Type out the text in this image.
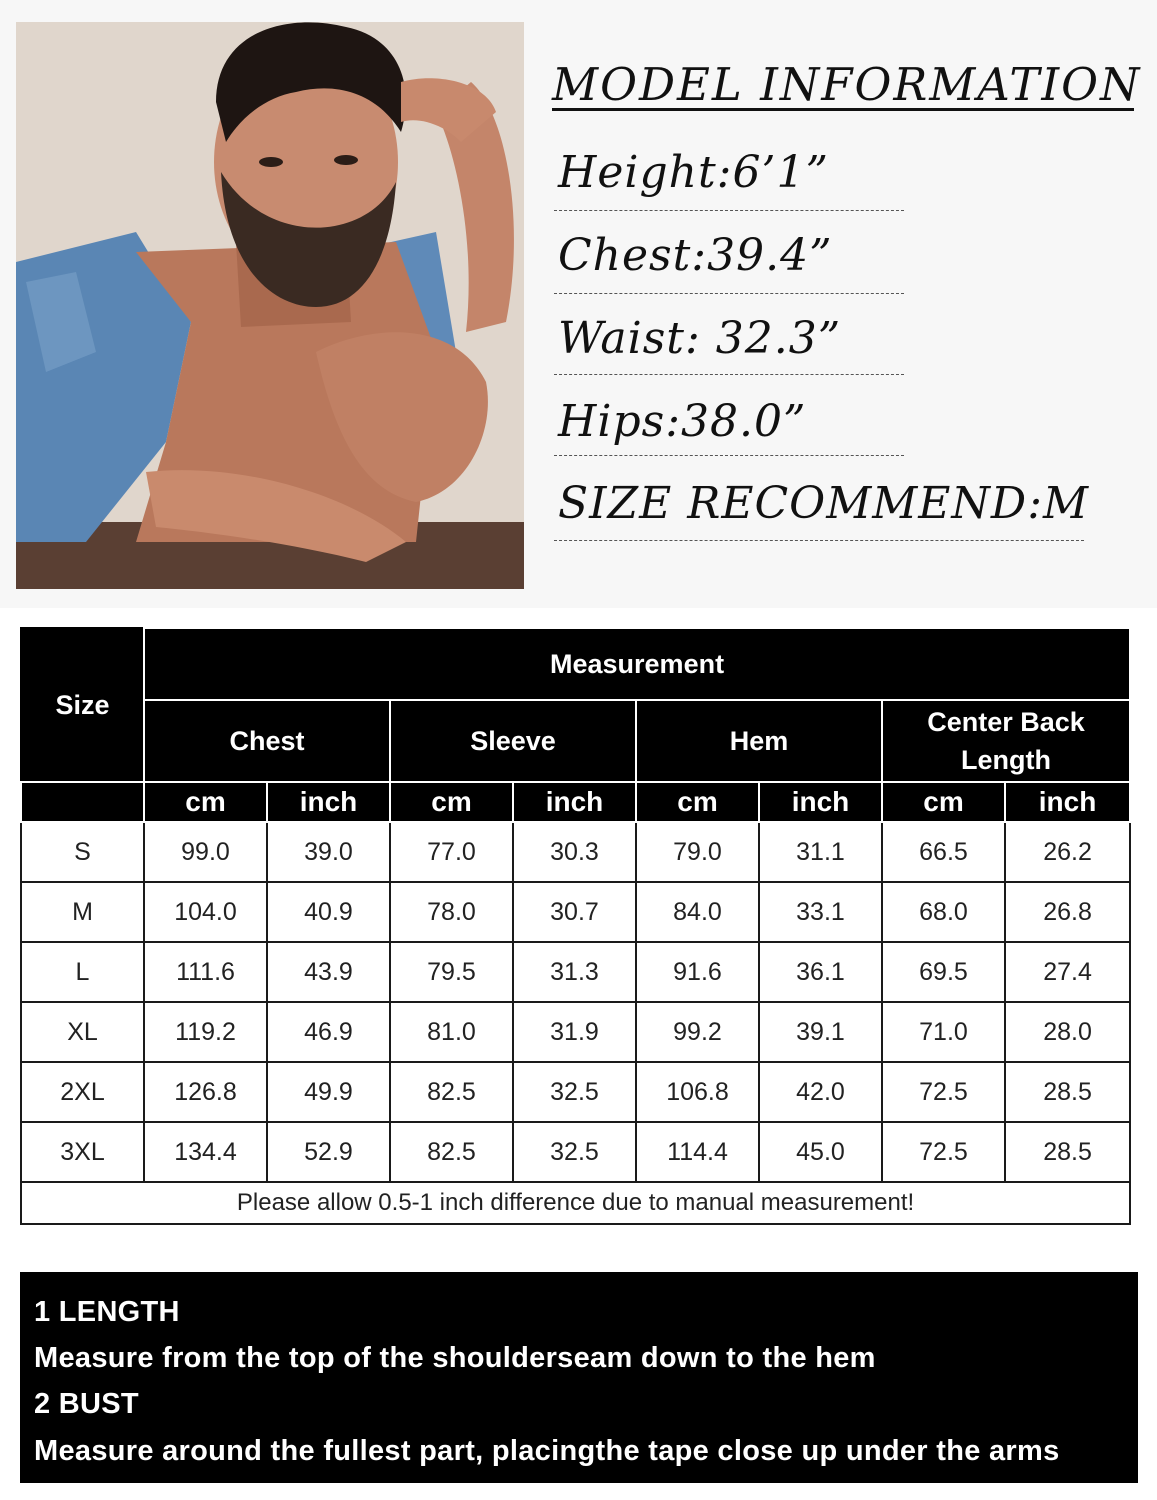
MODEL INFORMATION
Height:6’1”
Chest:39.4”
Waist: 32.3”
Hips:38.0”
SIZE RECOMMEND:M
Size	Measurement							
	Chest		Sleeve		Hem		Center Back
Length	
	cm	inch	cm	inch	cm	inch	cm	inch
S	99.0	39.0	77.0	30.3	79.0	31.1	66.5	26.2
M	104.0	40.9	78.0	30.7	84.0	33.1	68.0	26.8
L	111.6	43.9	79.5	31.3	91.6	36.1	69.5	27.4
XL	119.2	46.9	81.0	31.9	99.2	39.1	71.0	28.0
2XL	126.8	49.9	82.5	32.5	106.8	42.0	72.5	28.5
3XL	134.4	52.9	82.5	32.5	114.4	45.0	72.5	28.5
Please allow 0.5-1 inch difference due to manual measurement!								
1 LENGTH
Measure from the top of the shoulderseam down to the hem
2 BUST
Measure around the fullest part, placingthe tape close up under the arms
